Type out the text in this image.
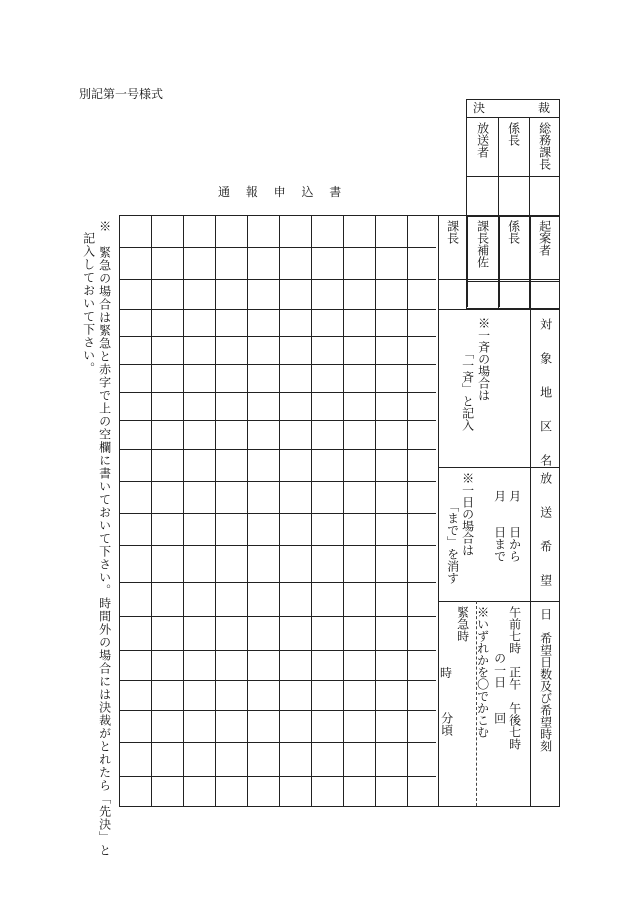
別記第一号様式
通 報 申 込 書
決	裁
放送者 係長 総務課長
課長 課長補佐 係長 起案者
対象地区名
※一斉の場合は
「一斉」と記入
放送希望日
月　　日から
月　　日まで
※一日の場合は
「まで」を消す
希望日数及び希望時刻
午前七時　正午　午後七時
の一日　　回
※いずれかを〇でかこむ
緊急時
時
分頃
※　緊急の場合は緊急と赤字で上の空欄に書いておいて下さい。時間外の場合には決裁がとれたら「先決」と
記入しておいて下さい。
